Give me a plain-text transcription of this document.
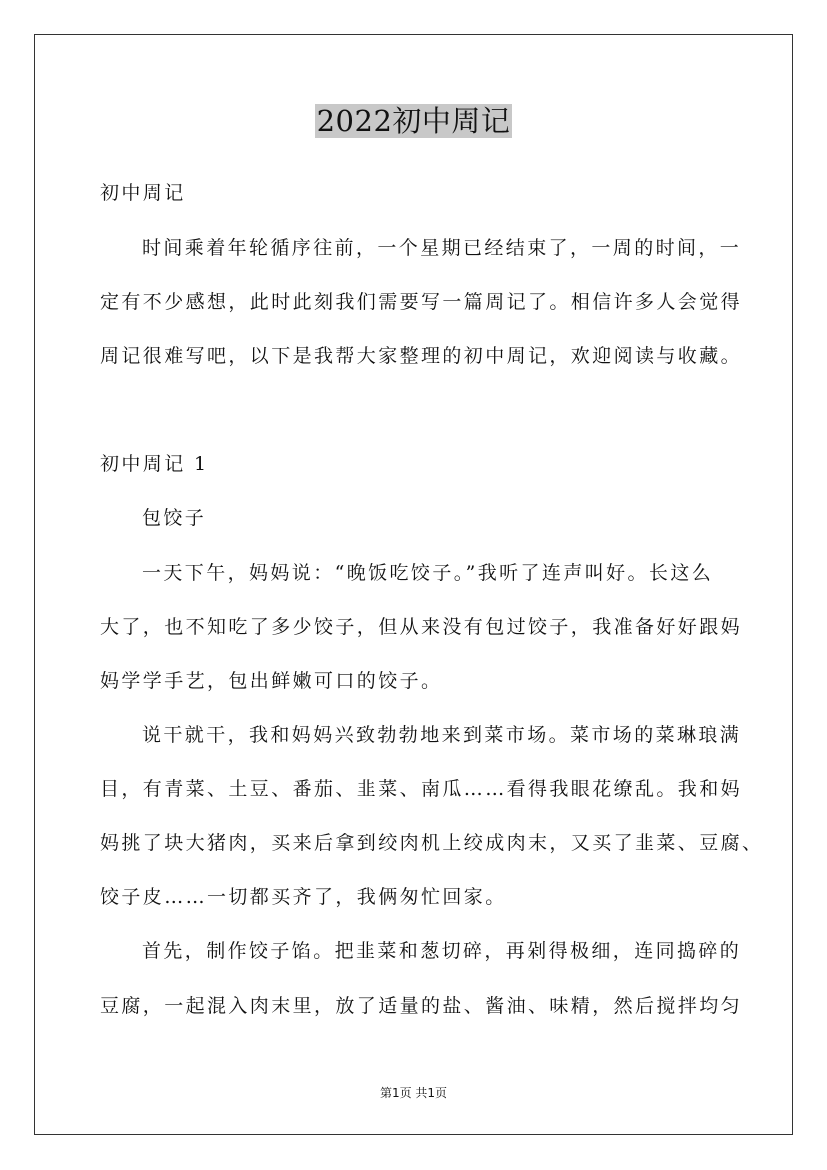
2022初中周记
初中周记
时间乘着年轮循序往前，一个星期已经结束了，一周的时间，一
定有不少感想，此时此刻我们需要写一篇周记了。相信许多人会觉得
周记很难写吧，以下是我帮大家整理的初中周记，欢迎阅读与收藏。
初中周记 1
包饺子
一天下午，妈妈说：“晚饭吃饺子。”我听了连声叫好。长这么
大了，也不知吃了多少饺子，但从来没有包过饺子，我准备好好跟妈
妈学学手艺，包出鲜嫩可口的饺子。
说干就干，我和妈妈兴致勃勃地来到菜市场。菜市场的菜琳琅满
目，有青菜、土豆、番茄、韭菜、南瓜……看得我眼花缭乱。我和妈
妈挑了块大猪肉，买来后拿到绞肉机上绞成肉末，又买了韭菜、豆腐、
饺子皮……一切都买齐了，我俩匆忙回家。
首先，制作饺子馅。把韭菜和葱切碎，再剁得极细，连同捣碎的
豆腐，一起混入肉末里，放了适量的盐、酱油、味精，然后搅拌均匀
第1页 共1页
